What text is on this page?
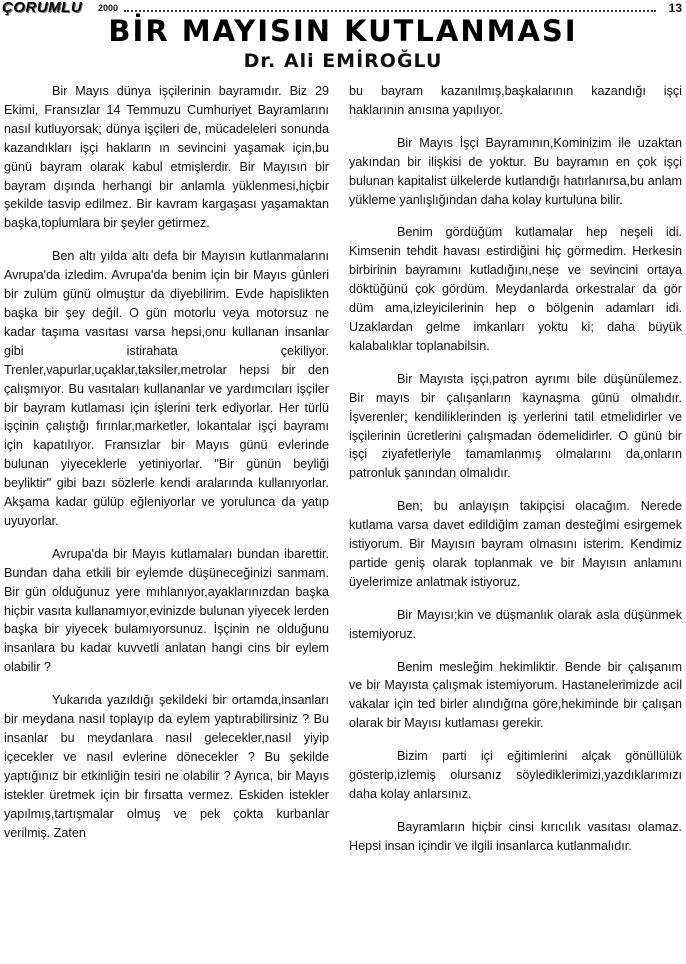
ÇORUMLU 2000	13
BİR MAYISIN KUTLANMASI
Dr. Ali EMİROĞLU

Bir Mayıs dünya işçilerinin bayramıdır. Biz 29 Ekimi, Fransızlar 14 Temmuzu Cumhuriyet Bayramlarını nasıl kutluyorsak; dünya işçileri de, mücadeleleri sonunda kazandıkları işçi hakların ın sevincini yaşamak için,bu günü bayram olarak kabul etmişlerdir. Bir Mayısın bir bayram dışında herhangi bir anlamla yüklenmesi,hiçbir şekilde tasvip edilmez. Bir kavram kargaşası yaşamaktan başka,toplumlara bir şeyler getirmez.

Ben altı yılda altı defa bir Mayısın kutlanmalarını Avrupa'da izledim. Avrupa'da benim için bir Mayıs günleri bir zulüm günü olmuştur da diyebilirim. Evde hapislikten başka bir şey değil. O gün motorlu veya motorsuz ne kadar taşıma vasıtası varsa hepsi,onu kullanan insanlar gibi istirahata çekiliyor. Trenler,vapurlar,uçaklar,taksiler,metrolar hepsi bir den çalışmıyor. Bu vasıtaları kullananlar ve yardımcıları işçiler bir bayram kutlaması için işlerini terk ediyorlar. Her türlü işçinin çalıştığı fırınlar,marketler, lokantalar işçi bayramı için kapatılıyor. Fransızlar bir Mayıs günü evlerinde bulunan yiyeceklerle yetiniyorlar. "Bir günün beyliği beyliktir" gibi bazı sözlerle kendi aralarında kullanıyorlar. Akşama kadar gülüp eğleniyorlar ve yorulunca da yatıp uyuyorlar.

Avrupa'da bir Mayıs kutlamaları bundan ibarettir. Bundan daha etkili bir eylemde düşüneceğinizi sanmam. Bir gün olduğunuz yere mıhlanıyor,ayaklarınızdan başka hiçbir vasıta kullanamıyor,evinizde bulunan yiyecek lerden başka bir yiyecek bulamıyorsunuz. İşçinin ne olduğunu insanlara bu kadar kuvvetli anlatan hangi cins bir eylem olabilir ?

Yukarıda yazıldığı şekildeki bir ortamda,insanları bir meydana nasıl toplayıp da eylem yaptırabilirsiniz ? Bu insanlar bu meydanlara nasıl gelecekler,nasıl yiyip içecekler ve nasıl evlerine dönecekler ? Bu şekilde yaptığınız bir etkinliğin tesiri ne olabilir ? Ayrıca, bir Mayıs istekler üretmek için bir fırsatta vermez. Eskiden istekler yapılmış,tartışmalar olmuş ve pek çokta kurbanlar verilmiş. Zaten

bu bayram kazanılmış,başkalarının kazandığı işçi haklarının anısına yapılıyor.

Bir Mayıs İşçi Bayramının,Kominizim ile uzaktan yakından bir ilişkisi de yoktur. Bu bayramın en çok işçi bulunan kapitalist ülkelerde kutlandığı hatırlanırsa,bu anlam yükleme yanlışlığından daha kolay kurtuluna bilir.

Benim gördüğüm kutlamalar hep neşeli idi. Kimsenin tehdit havası estirdiğini hiç görmedim. Herkesin birbirinin bayramını kutladığını,neşe ve sevincini ortaya döktüğünü çok gördüm. Meydanlarda orkestralar da gör düm ama,izleyicilerinin hep o bölgenin adamları idi. Uzaklardan gelme imkanları yoktu ki; daha büyük kalabalıklar toplanabilsin.

Bir Mayısta işçi,patron ayrımı bile düşünülemez. Bir mayıs bir çalışanların kaynaşma günü olmalıdır. İşverenler; kendiliklerinden iş yerlerini tatil etmelidirler ve işçilerinin ücretlerini çalışmadan ödemelidirler. O günü bir işçi ziyafetleriyle tamamlanmış olmalarını da,onların patronluk şanından olmalıdır.

Ben; bu anlayışın takipçisi olacağım. Nerede kutlama varsa davet edildiğim zaman desteğimi esirgemek istiyorum. Bir Mayısın bayram olmasını isterim. Kendimiz partide geniş olarak toplanmak ve bir Mayısın anlamını üyelerimize anlatmak istiyoruz.

Bir Mayısı;kin ve düşmanlık olarak asla düşünmek istemiyoruz.

Benim mesleğim hekimliktir. Bende bir çalışanım ve bir Mayısta çalışmak istemiyorum. Hastanelerimizde acil vakalar için ted birler alındığına göre,hekiminde bir çalışan olarak bir Mayısı kutlaması gerekir.

Bizim parti içi eğitimlerini alçak gönüllülük gösterip,izlemiş olursanız söylediklerimizi,yazdıklarımızı daha kolay anlarsınız.

Bayramların hiçbir cinsi kırıcılık vasıtası olamaz. Hepsi insan içindir ve ilgili insanlarca kutlanmalıdır.
